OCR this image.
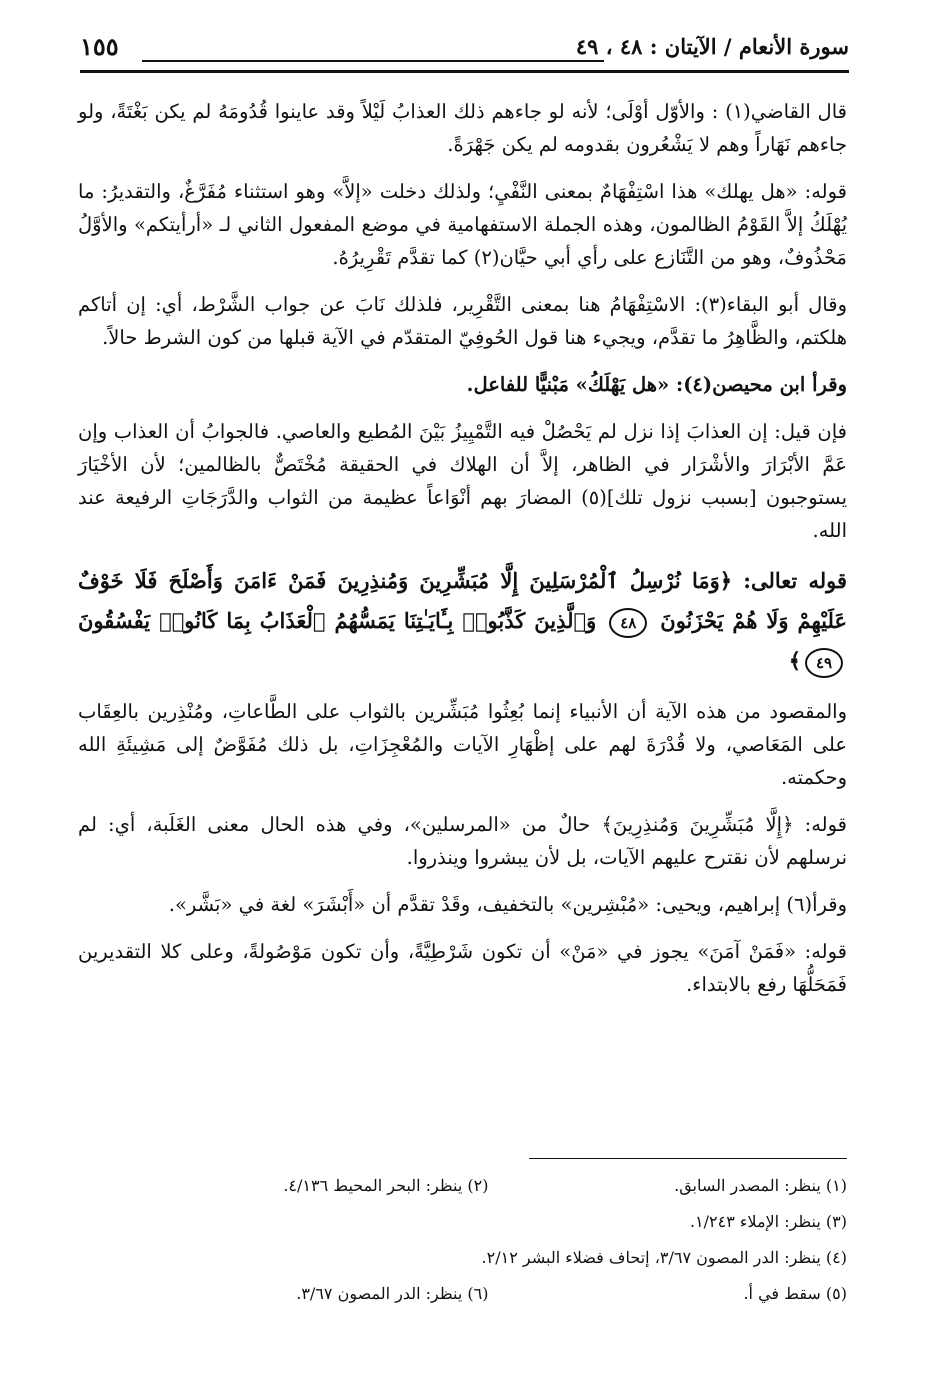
سورة الأنعام / الآيتان : ٤٨ ، ٤٩
١٥٥

قال القاضي(١) : والأوّل أوْلَى؛ لأنه لو جاءهم ذلك العذابُ لَيْلاً وقد عاينوا قُدُومَهُ لم يكن بَغْتَةً، ولو جاءهم نَهَاراً وهم لا يَشْعُرون بقدومه لم يكن جَهْرَةً.

قوله: «هل يهلك» هذا اسْتِفْهَامٌ بمعنى النَّفْيِ؛ ولذلك دخلت «إلاَّ» وهو استثناء مُفَرَّغٌ، والتقديرُ: ما يُهْلَكُ إلاَّ القَوْمُ الظالمون، وهذه الجملة الاستفهامية في موضع المفعول الثاني لـ «أرأيتكم» والأوَّلُ مَحْذُوفٌ، وهو من التَّنَازع على رأي أبي حيَّان(٢) كما تقدَّم تَقْرِيرُهُ.

وقال أبو البقاء(٣): الاسْتِفْهَامُ هنا بمعنى التَّقْرِير، فلذلك نَابَ عن جواب الشَّرْط، أي: إن أتاكم هلكتم، والظَّاهِرُ ما تقدَّم، ويجيء هنا قول الحُوفِيّ المتقدّم في الآية قبلها من كون الشرط حالاً.

وقرأ ابن محيصن(٤): «هل يَهْلَكُ» مَبْنيًّا للفاعل.

فإن قيل: إن العذابَ إذا نزل لم يَحْصُلْ فيه التَّمْيِيزُ بَيْنَ المُطيع والعاصي. فالجوابُ أن العذاب وإن عَمَّ الأبْرَارَ والأشْرَار في الظاهر، إلاَّ أن الهلاك في الحقيقة مُخْتَصٌّ بالظالمين؛ لأن الأخْيَارَ يستوجبون [بسبب نزول تلك](٥) المضارَ بهم أنْوَاعاً عظيمة من الثواب والدَّرَجَاتِ الرفيعة عند الله.

قوله تعالى: ﴿وَمَا نُرْسِلُ ٱلْمُرْسَلِينَ إِلَّا مُبَشِّرِينَ وَمُنذِرِينَ فَمَنْ ءَامَنَ وَأَصْلَحَ فَلَا خَوْفٌ عَلَيْهِمْ وَلَا هُمْ يَحْزَنُونَ ٤٨ وَٱلَّذِينَ كَذَّبُوا۟ بِـَٔايَـٰتِنَا يَمَسُّهُمُ ٱلْعَذَابُ بِمَا كَانُوا۟ يَفْسُقُونَ ٤٩﴾

والمقصود من هذه الآية أن الأنبياء إنما بُعِثُوا مُبَشِّرين بالثواب على الطَّاعاتِ، ومُنْذِرين بالعِقَاب على المَعَاصي، ولا قُدْرَةَ لهم على إظْهَارِ الآيات والمُعْجِزَاتِ، بل ذلك مُفَوَّضٌ إلى مَشِيئَةِ الله وحكمته.

قوله: ﴿إِلَّا مُبَشِّرِينَ وَمُنذِرِينَ﴾ حالٌ من «المرسلين»، وفي هذه الحال معنى الغَلَبة، أي: لم نرسلهم لأن نقترح عليهم الآيات، بل لأن يبشروا وينذروا.

وقرأ(٦) إبراهيم، ويحيى: «مُبْشِرين» بالتخفيف، وقَدْ تقدَّم أن «أَبْشَرَ» لغة في «بَشَّر».

قوله: «فَمَنْ آمَنَ» يجوز في «مَنْ» أن تكون شَرْطِيَّةً، وأن تكون مَوْصُولةً، وعلى كلا التقديرين فَمَحَلُّهَا رفع بالابتداء.

(١) ينظر: المصدر السابق.
(٢) ينظر: البحر المحيط ٤/١٣٦.
(٣) ينظر: الإملاء ١/٢٤٣.
(٤) ينظر: الدر المصون ٣/٦٧، إتحاف فضلاء البشر ٢/١٢.
(٥) سقط في أ.
(٦) ينظر: الدر المصون ٣/٦٧.
